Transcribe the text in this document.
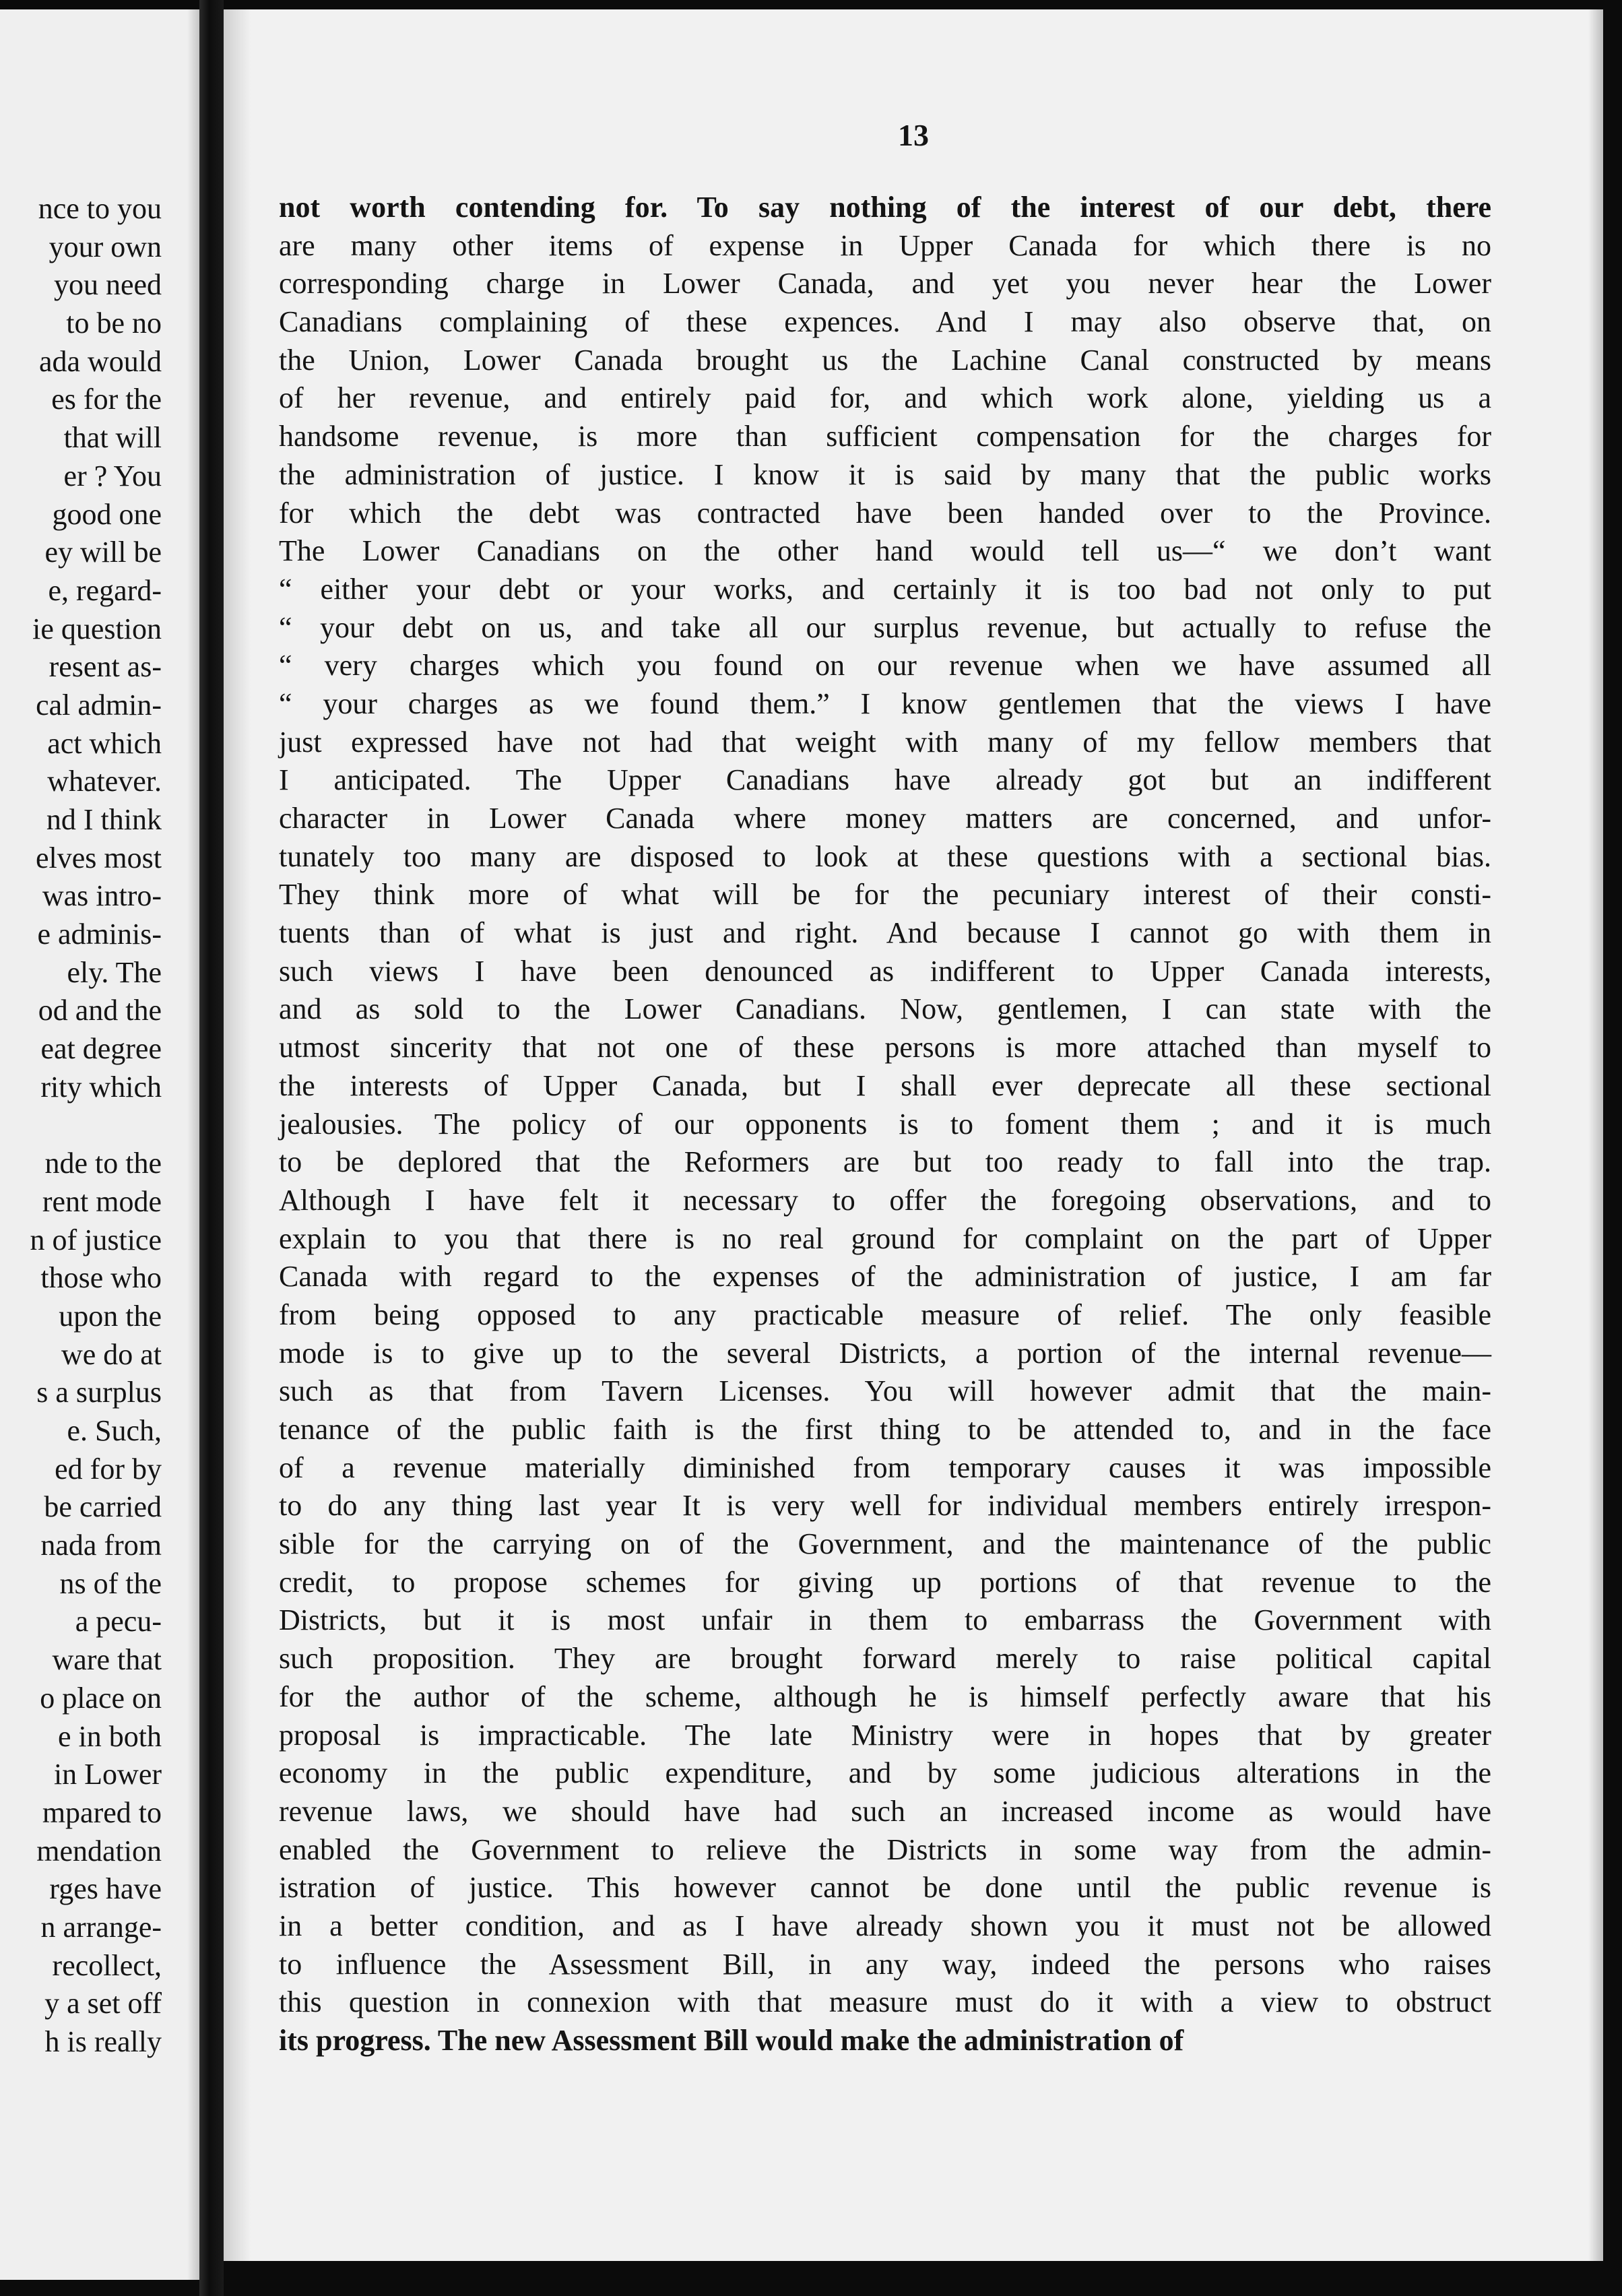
nce to you
your own
you need
to be no
ada would
es for the
that will
er ? You
good one
ey will be
e, regard-
ie question
resent as-
cal admin-
act which
whatever.
nd I think
elves most
was intro-
e adminis-
ely. The
od and the
eat degree
rity which
nde to the
rent mode
n of justice
those who
upon the
we do at
s a surplus
e. Such,
ed for by
be carried
nada from
ns of the
a pecu-
ware that
o place on
e in both
in Lower
mpared to
mendation
rges have
n arrange-
recollect,
y a set off
h is really
13
not worth contending for. To say nothing of the interest of our debt, there
are many other items of expense in Upper Canada for which there is no
corresponding charge in Lower Canada, and yet you never hear the Lower
Canadians complaining of these expences. And I may also observe that, on
the Union, Lower Canada brought us the Lachine Canal constructed by means
of her revenue, and entirely paid for, and which work alone, yielding us a
handsome revenue, is more than sufficient compensation for the charges for
the administration of justice. I know it is said by many that the public works
for which the debt was contracted have been handed over to the Province.
The Lower Canadians on the other hand would tell us—“ we don’t want
“ either your debt or your works, and certainly it is too bad not only to put
“ your debt on us, and take all our surplus revenue, but actually to refuse the
“ very charges which you found on our revenue when we have assumed all
“ your charges as we found them.” I know gentlemen that the views I have
just expressed have not had that weight with many of my fellow members that
I anticipated. The Upper Canadians have already got but an indifferent
character in Lower Canada where money matters are concerned, and unfor-
tunately too many are disposed to look at these questions with a sectional bias.
They think more of what will be for the pecuniary interest of their consti-
tuents than of what is just and right. And because I cannot go with them in
such views I have been denounced as indifferent to Upper Canada interests,
and as sold to the Lower Canadians. Now, gentlemen, I can state with the
utmost sincerity that not one of these persons is more attached than myself to
the interests of Upper Canada, but I shall ever deprecate all these sectional
jealousies. The policy of our opponents is to foment them ; and it is much
to be deplored that the Reformers are but too ready to fall into the trap.
Although I have felt it necessary to offer the foregoing observations, and to
explain to you that there is no real ground for complaint on the part of Upper
Canada with regard to the expenses of the administration of justice, I am far
from being opposed to any practicable measure of relief. The only feasible
mode is to give up to the several Districts, a portion of the internal revenue—
such as that from Tavern Licenses. You will however admit that the main-
tenance of the public faith is the first thing to be attended to, and in the face
of a revenue materially diminished from temporary causes it was impossible
to do any thing last year It is very well for individual members entirely irrespon-
sible for the carrying on of the Government, and the maintenance of the public
credit, to propose schemes for giving up portions of that revenue to the
Districts, but it is most unfair in them to embarrass the Government with
such proposition. They are brought forward merely to raise political capital
for the author of the scheme, although he is himself perfectly aware that his
proposal is impracticable. The late Ministry were in hopes that by greater
economy in the public expenditure, and by some judicious alterations in the
revenue laws, we should have had such an increased income as would have
enabled the Government to relieve the Districts in some way from the admin-
istration of justice. This however cannot be done until the public revenue is
in a better condition, and as I have already shown you it must not be allowed
to influence the Assessment Bill, in any way, indeed the persons who raises
this question in connexion with that measure must do it with a view to obstruct
its progress. The new Assessment Bill would make the administration of
